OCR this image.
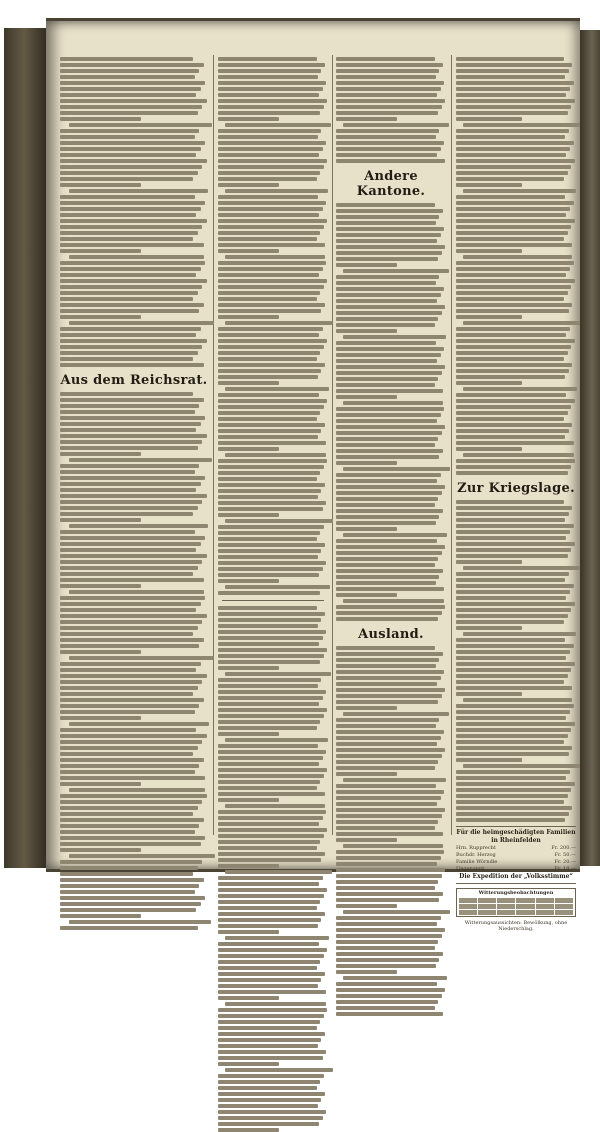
Aus dem Reichsrat.
Andere Kantone.
Ausland.
Zur Kriegslage.
Für die heimgeschädigten Familien in Rheinfelden
Hrn. Rupprecht	Fr. 200.—
Buchdr. Herzog	Fr. 50.—
Familie Wörndle	Fr. 20.—
Ungenannt	Fr. 10.—
Die Expedition der „Volksstimme“
Witterungsbeobachtungen
Witterungsaussichten: Bewölkung, ohne Niederschlag.
